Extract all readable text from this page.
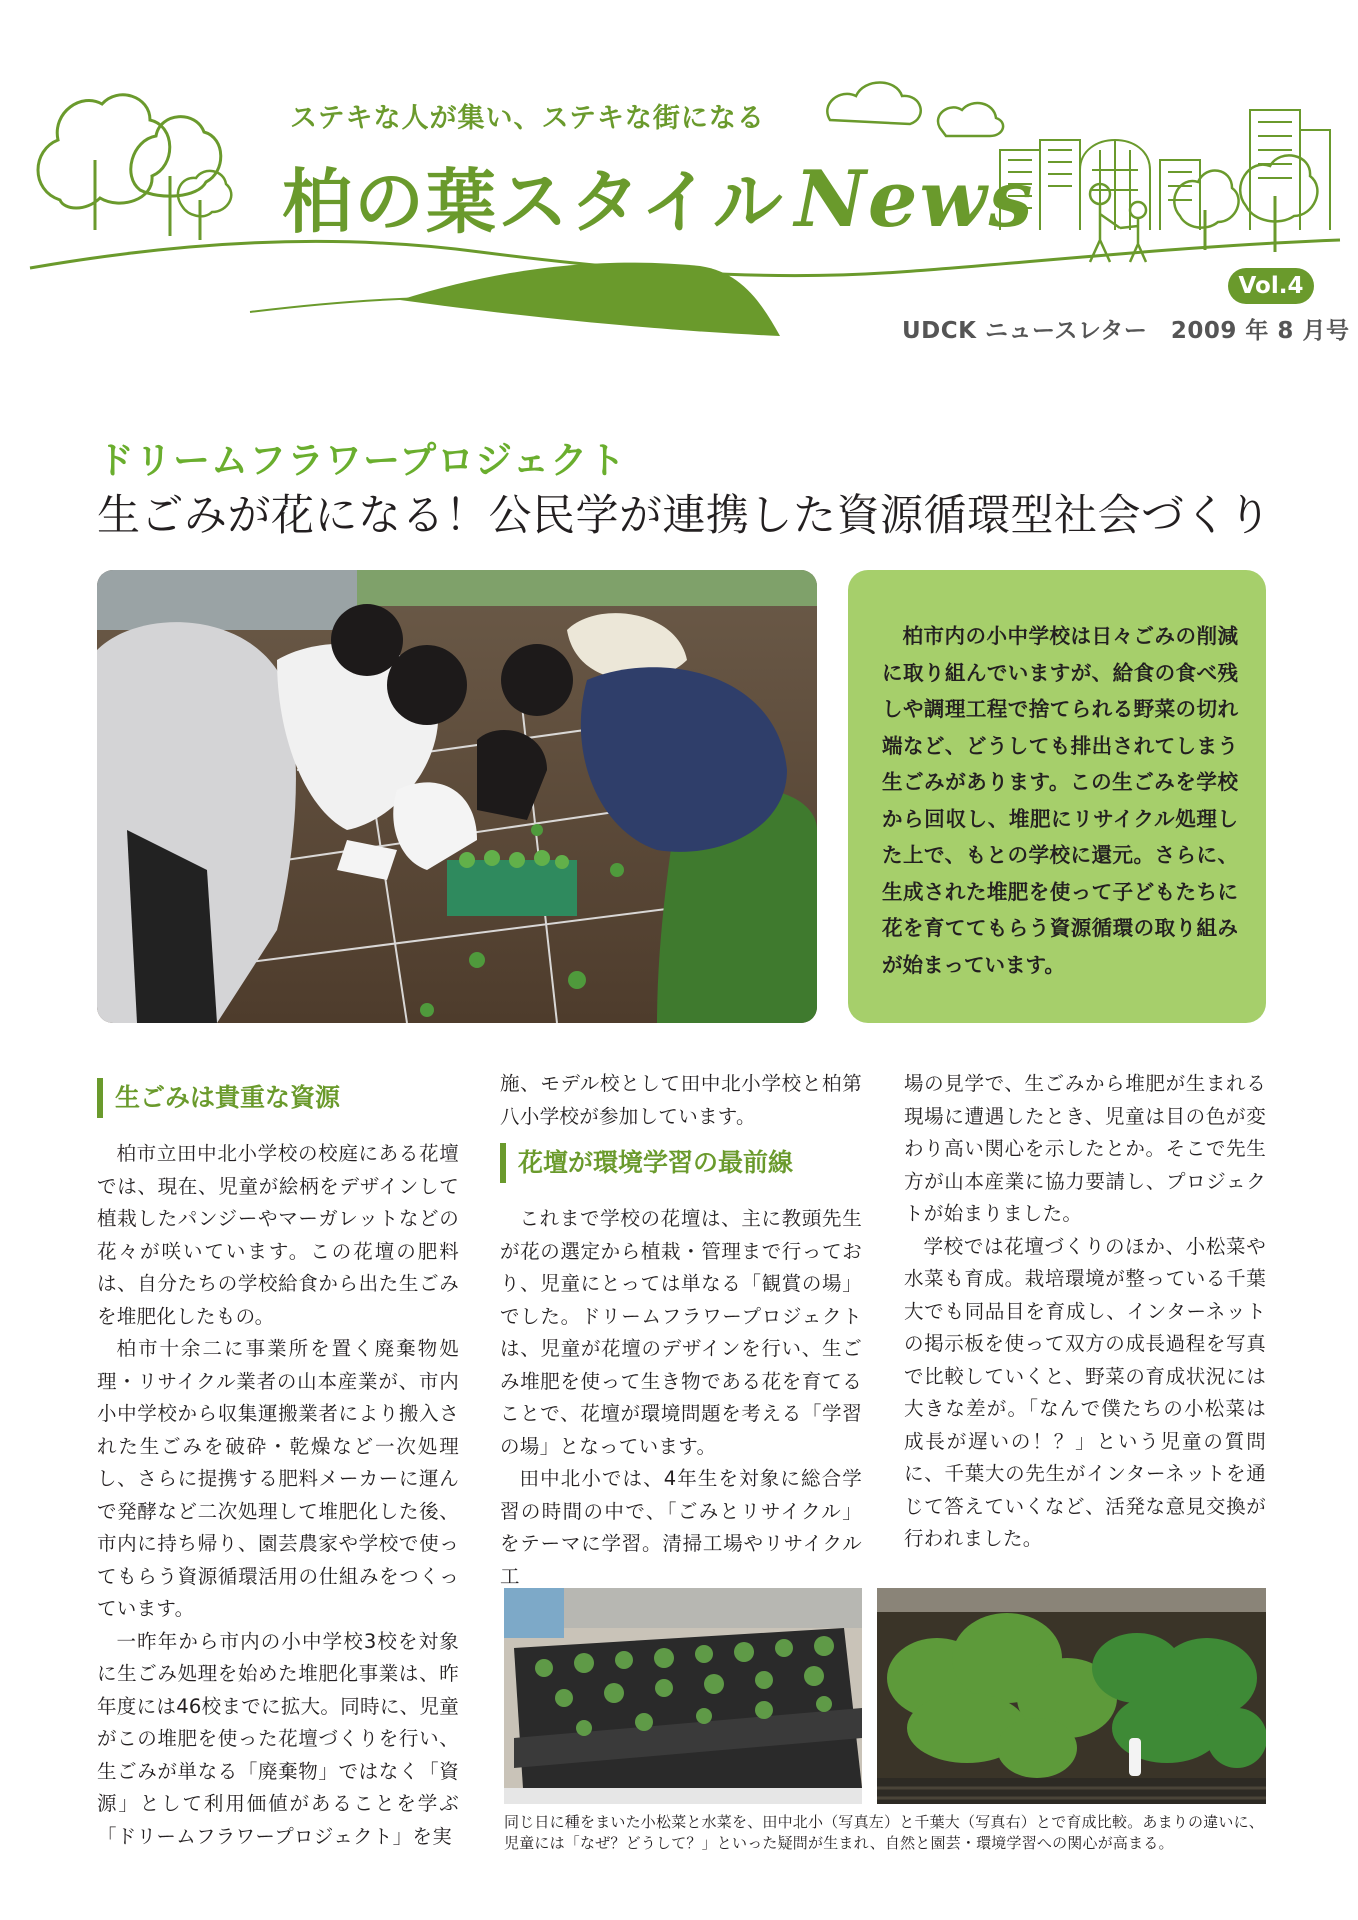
ステキな人が集い、ステキな街になる
柏の葉スタイル News
Vol.4
UDCK ニュースレター　2009 年 8 月号
ドリームフラワープロジェクト
生ごみが花になる！公民学が連携した資源循環型社会づくり

柏市内の小中学校は日々ごみの削減に取り組んでいますが、給食の食べ残しや調理工程で捨てられる野菜の切れ端など、どうしても排出されてしまう生ごみがあります。この生ごみを学校から回収し、堆肥にリサイクル処理した上で、もとの学校に還元。さらに、生成された堆肥を使って子どもたちに花を育ててもらう資源循環の取り組みが始まっています。

生ごみは貴重な資源

柏市立田中北小学校の校庭にある花壇では、現在、児童が絵柄をデザインして植栽したパンジーやマーガレットなどの花々が咲いています。この花壇の肥料は、自分たちの学校給食から出た生ごみを堆肥化したもの。

柏市十余二に事業所を置く廃棄物処理・リサイクル業者の山本産業が、市内小中学校から収集運搬業者により搬入された生ごみを破砕・乾燥など一次処理し、さらに提携する肥料メーカーに運んで発酵など二次処理して堆肥化した後、市内に持ち帰り、園芸農家や学校で使ってもらう資源循環活用の仕組みをつくっています。

一昨年から市内の小中学校3校を対象に生ごみ処理を始めた堆肥化事業は、昨年度には46校までに拡大。同時に、児童がこの堆肥を使った花壇づくりを行い、生ごみが単なる「廃棄物」ではなく「資源」として利用価値があることを学ぶ「ドリームフラワープロジェクト」を実

施、モデル校として田中北小学校と柏第八小学校が参加しています。

花壇が環境学習の最前線

これまで学校の花壇は、主に教頭先生が花の選定から植栽・管理まで行っており、児童にとっては単なる「観賞の場」でした。ドリームフラワープロジェクトは、児童が花壇のデザインを行い、生ごみ堆肥を使って生き物である花を育てることで、花壇が環境問題を考える「学習の場」となっています。

田中北小では、4年生を対象に総合学習の時間の中で、「ごみとリサイクル」をテーマに学習。清掃工場やリサイクル工

場の見学で、生ごみから堆肥が生まれる現場に遭遇したとき、児童は目の色が変わり高い関心を示したとか。そこで先生方が山本産業に協力要請し、プロジェクトが始まりました。

学校では花壇づくりのほか、小松菜や水菜も育成。栽培環境が整っている千葉大でも同品目を育成し、インターネットの掲示板を使って双方の成長過程を写真で比較していくと、野菜の育成状況には大きな差が。「なんで僕たちの小松菜は成長が遅いの！？」という児童の質問に、千葉大の先生がインターネットを通じて答えていくなど、活発な意見交換が行われました。

同じ日に種をまいた小松菜と水菜を、田中北小（写真左）と千葉大（写真右）とで育成比較。あまりの違いに、児童には「なぜ？どうして？」といった疑問が生まれ、自然と園芸・環境学習への関心が高まる。
